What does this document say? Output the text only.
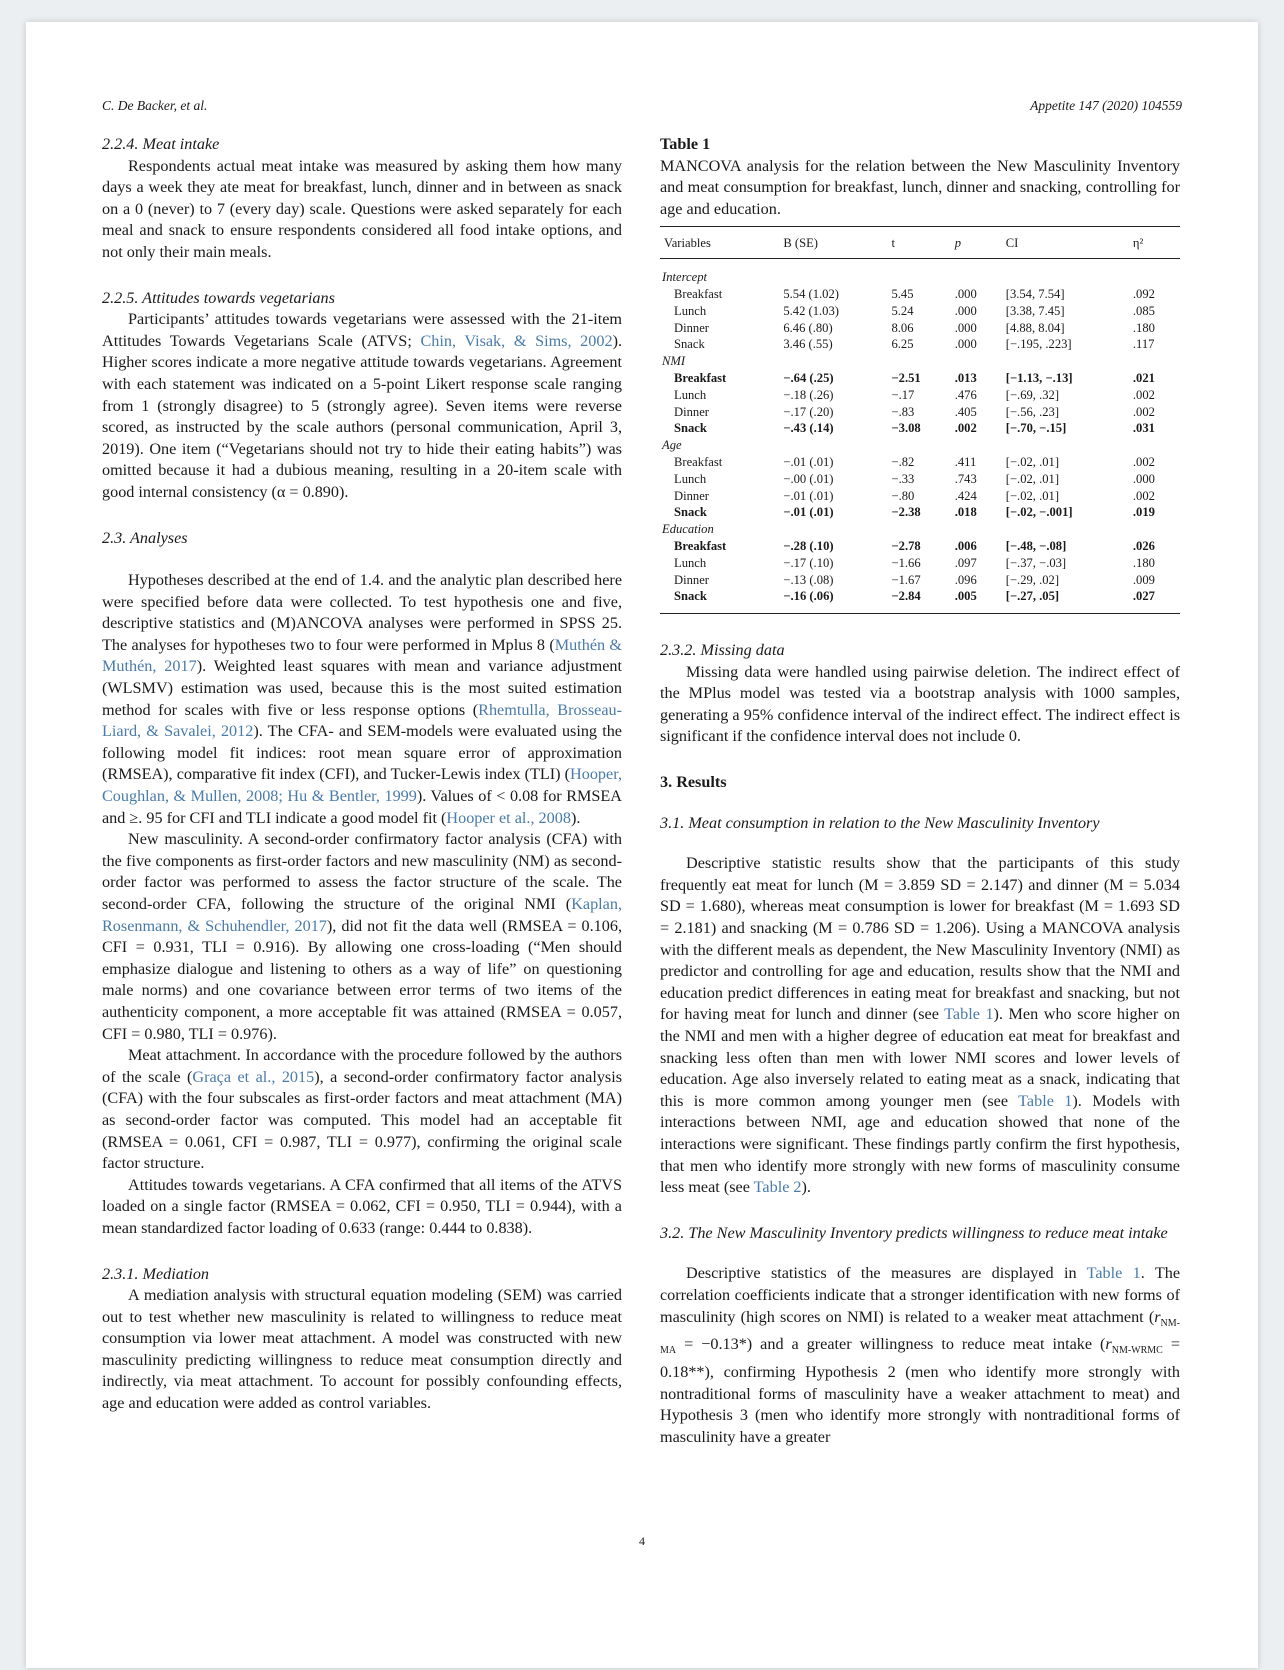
C. De Backer, et al.	Appetite 147 (2020) 104559
2.2.4. Meat intake

Respondents actual meat intake was measured by asking them how many days a week they ate meat for breakfast, lunch, dinner and in between as snack on a 0 (never) to 7 (every day) scale. Questions were asked separately for each meal and snack to ensure respondents considered all food intake options, and not only their main meals.

2.2.5. Attitudes towards vegetarians

Participants’ attitudes towards vegetarians were assessed with the 21-item Attitudes Towards Vegetarians Scale (ATVS; Chin, Visak, & Sims, 2002). Higher scores indicate a more negative attitude towards vegetarians. Agreement with each statement was indicated on a 5-point Likert response scale ranging from 1 (strongly disagree) to 5 (strongly agree). Seven items were reverse scored, as instructed by the scale authors (personal communication, April 3, 2019). One item (“Vegetarians should not try to hide their eating habits”) was omitted because it had a dubious meaning, resulting in a 20-item scale with good internal consistency (α = 0.890).

2.3. Analyses

Hypotheses described at the end of 1.4. and the analytic plan described here were specified before data were collected. To test hypothesis one and five, descriptive statistics and (M)ANCOVA analyses were performed in SPSS 25. The analyses for hypotheses two to four were performed in Mplus 8 (Muthén & Muthén, 2017). Weighted least squares with mean and variance adjustment (WLSMV) estimation was used, because this is the most suited estimation method for scales with five or less response options (Rhemtulla, Brosseau-Liard, & Savalei, 2012). The CFA- and SEM-models were evaluated using the following model fit indices: root mean square error of approximation (RMSEA), comparative fit index (CFI), and Tucker-Lewis index (TLI) (Hooper, Coughlan, & Mullen, 2008; Hu & Bentler, 1999). Values of < 0.08 for RMSEA and ≥. 95 for CFI and TLI indicate a good model fit (Hooper et al., 2008).

New masculinity. A second-order confirmatory factor analysis (CFA) with the five components as first-order factors and new masculinity (NM) as second-order factor was performed to assess the factor structure of the scale. The second-order CFA, following the structure of the original NMI (Kaplan, Rosenmann, & Schuhendler, 2017), did not fit the data well (RMSEA = 0.106, CFI = 0.931, TLI = 0.916). By allowing one cross-loading (“Men should emphasize dialogue and listening to others as a way of life” on questioning male norms) and one covariance between error terms of two items of the authenticity component, a more acceptable fit was attained (RMSEA = 0.057, CFI = 0.980, TLI = 0.976).

Meat attachment. In accordance with the procedure followed by the authors of the scale (Graça et al., 2015), a second-order confirmatory factor analysis (CFA) with the four subscales as first-order factors and meat attachment (MA) as second-order factor was computed. This model had an acceptable fit (RMSEA = 0.061, CFI = 0.987, TLI = 0.977), confirming the original scale factor structure.

Attitudes towards vegetarians. A CFA confirmed that all items of the ATVS loaded on a single factor (RMSEA = 0.062, CFI = 0.950, TLI = 0.944), with a mean standardized factor loading of 0.633 (range: 0.444 to 0.838).

2.3.1. Mediation

A mediation analysis with structural equation modeling (SEM) was carried out to test whether new masculinity is related to willingness to reduce meat consumption via lower meat attachment. A model was constructed with new masculinity predicting willingness to reduce meat consumption directly and indirectly, via meat attachment. To account for possibly confounding effects, age and education were added as control variables.

Table 1
MANCOVA analysis for the relation between the New Masculinity Inventory and meat consumption for breakfast, lunch, dinner and snacking, controlling for age and education.
Variables	B (SE)	t	p	CI	η²
Intercept					
Breakfast	5.54 (1.02)	5.45	.000	[3.54, 7.54]	.092
Lunch	5.42 (1.03)	5.24	.000	[3.38, 7.45]	.085
Dinner	6.46 (.80)	8.06	.000	[4.88, 8.04]	.180
Snack	3.46 (.55)	6.25	.000	[−.195, .223]	.117
NMI					
Breakfast	−.64 (.25)	−2.51	.013	[−1.13, −.13]	.021
Lunch	−.18 (.26)	−.17	.476	[−.69, .32]	.002
Dinner	−.17 (.20)	−.83	.405	[−.56, .23]	.002
Snack	−.43 (.14)	−3.08	.002	[−.70, −.15]	.031
Age					
Breakfast	−.01 (.01)	−.82	.411	[−.02, .01]	.002
Lunch	−.00 (.01)	−.33	.743	[−.02, .01]	.000
Dinner	−.01 (.01)	−.80	.424	[−.02, .01]	.002
Snack	−.01 (.01)	−2.38	.018	[−.02, −.001]	.019
Education					
Breakfast	−.28 (.10)	−2.78	.006	[−.48, −.08]	.026
Lunch	−.17 (.10)	−1.66	.097	[−.37, −.03]	.180
Dinner	−.13 (.08)	−1.67	.096	[−.29, .02]	.009
Snack	−.16 (.06)	−2.84	.005	[−.27, .05]	.027
2.3.2. Missing data

Missing data were handled using pairwise deletion. The indirect effect of the MPlus model was tested via a bootstrap analysis with 1000 samples, generating a 95% confidence interval of the indirect effect. The indirect effect is significant if the confidence interval does not include 0.

3. Results
3.1. Meat consumption in relation to the New Masculinity Inventory

Descriptive statistic results show that the participants of this study frequently eat meat for lunch (M = 3.859 SD = 2.147) and dinner (M = 5.034 SD = 1.680), whereas meat consumption is lower for breakfast (M = 1.693 SD = 2.181) and snacking (M = 0.786 SD = 1.206). Using a MANCOVA analysis with the different meals as dependent, the New Masculinity Inventory (NMI) as predictor and controlling for age and education, results show that the NMI and education predict differences in eating meat for breakfast and snacking, but not for having meat for lunch and dinner (see Table 1). Men who score higher on the NMI and men with a higher degree of education eat meat for breakfast and snacking less often than men with lower NMI scores and lower levels of education. Age also inversely related to eating meat as a snack, indicating that this is more common among younger men (see Table 1). Models with interactions between NMI, age and education showed that none of the interactions were significant. These findings partly confirm the first hypothesis, that men who identify more strongly with new forms of masculinity consume less meat (see Table 2).

3.2. The New Masculinity Inventory predicts willingness to reduce meat intake

Descriptive statistics of the measures are displayed in Table 1. The correlation coefficients indicate that a stronger identification with new forms of masculinity (high scores on NMI) is related to a weaker meat attachment $(r_{NM-MA} = -0.13*)$ and a greater willingness to reduce meat intake $(r_{NM-WRMC} = 0.18**)$, confirming Hypothesis 2 (men who identify more strongly with nontraditional forms of masculinity have a weaker attachment to meat) and Hypothesis 3 (men who identify more strongly with nontraditional forms of masculinity have a greater

4
